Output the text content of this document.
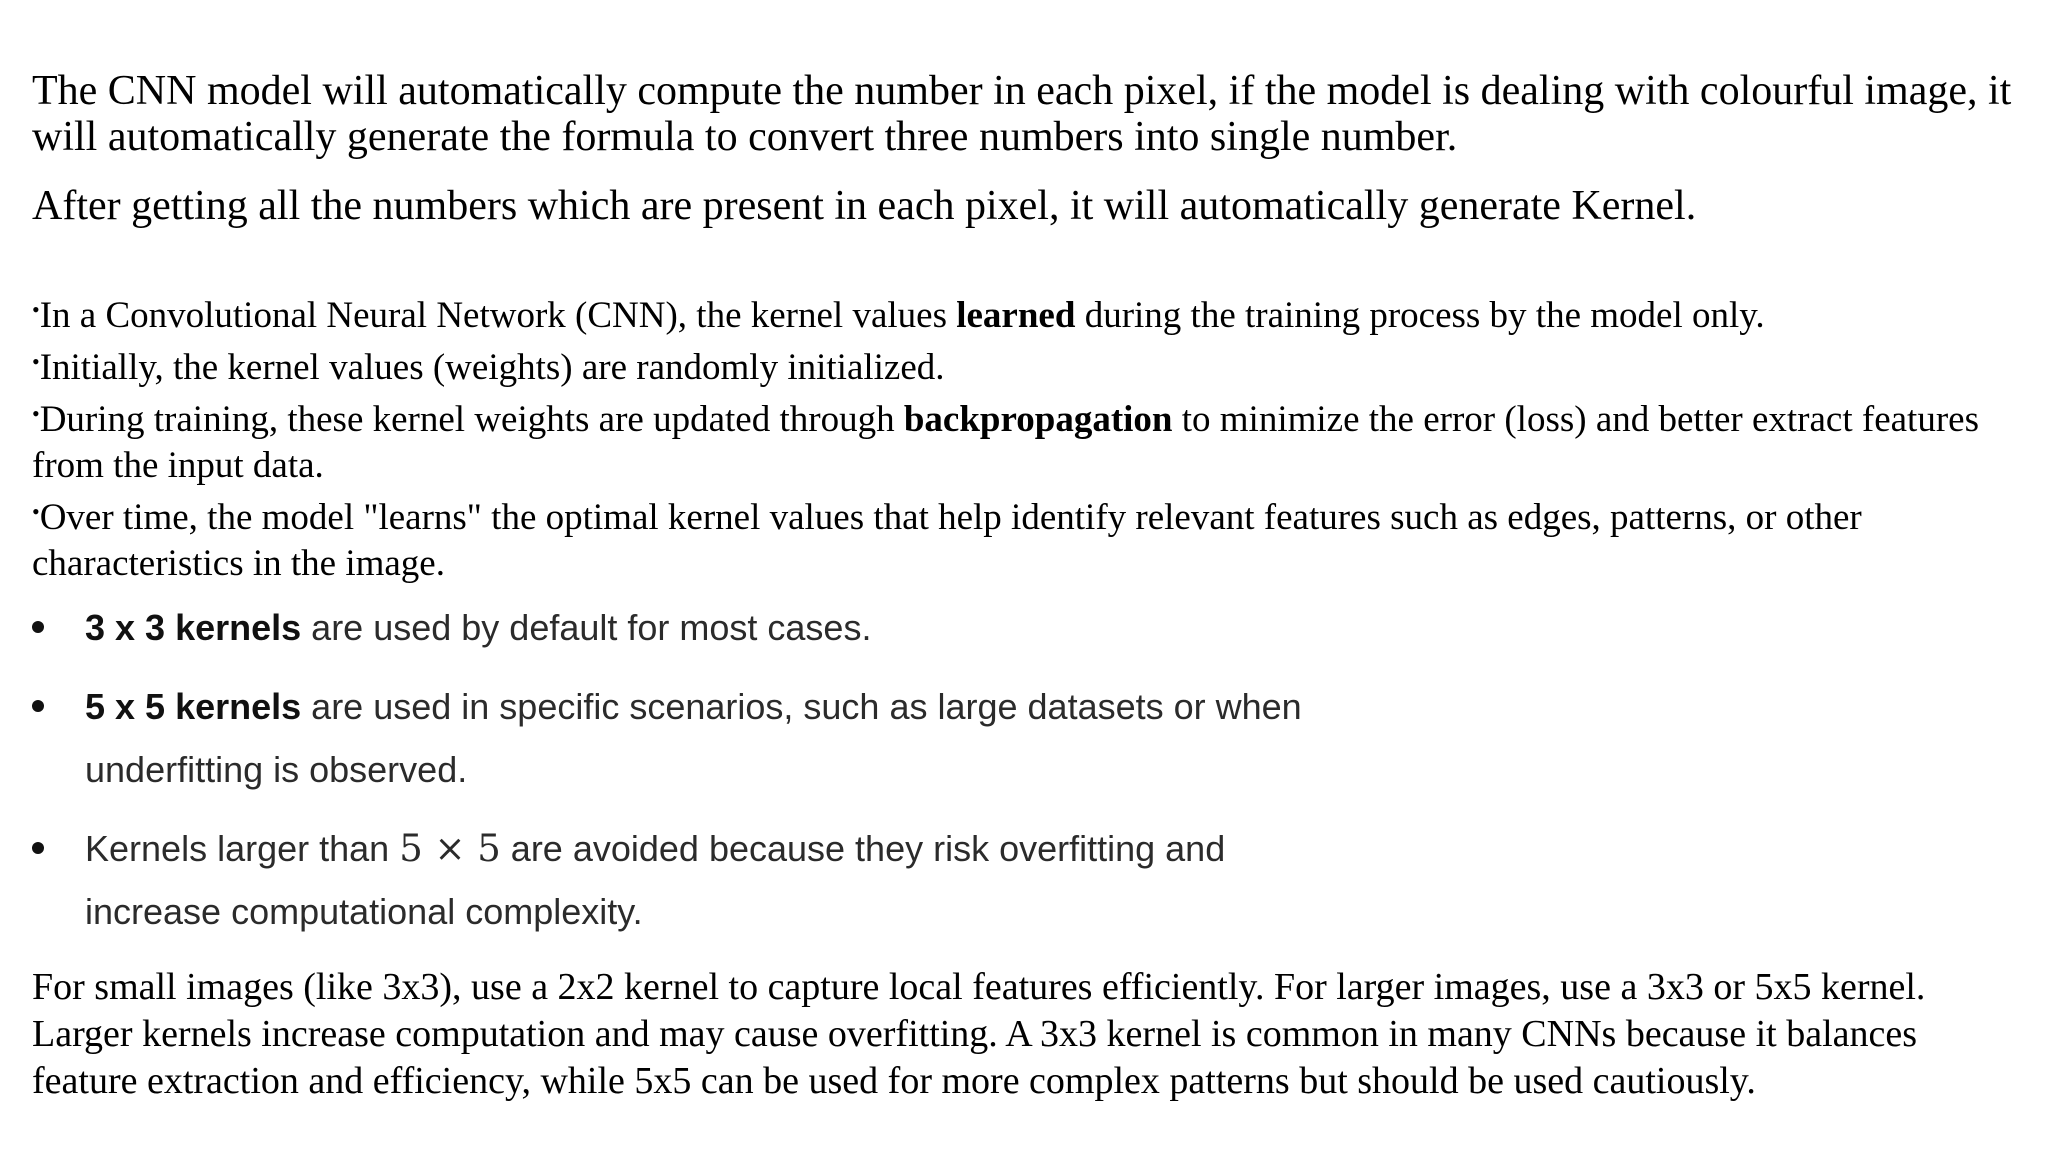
The CNN model will automatically compute the number in each pixel, if the model is dealing with colourful image, it will automatically generate the formula to convert three numbers into single number.

After getting all the numbers which are present in each pixel, it will automatically generate Kernel.

•In a Convolutional Neural Network (CNN), the kernel values learned during the training process by the model only.
•Initially, the kernel values (weights) are randomly initialized.
•During training, these kernel weights are updated through backpropagation to minimize the error (loss) and better extract features from the input data.
•Over time, the model "learns" the optimal kernel values that help identify relevant features such as edges, patterns, or other characteristics in the image.
3 x 3 kernels are used by default for most cases.
5 x 5 kernels are used in specific scenarios, such as large datasets or when underfitting is observed.
Kernels larger than 5 × 5 are avoided because they risk overfitting and increase computational complexity.

For small images (like 3x3), use a 2x2 kernel to capture local features efficiently. For larger images, use a 3x3 or 5x5 kernel. Larger kernels increase computation and may cause overfitting. A 3x3 kernel is common in many CNNs because it balances feature extraction and efficiency, while 5x5 can be used for more complex patterns but should be used cautiously.
